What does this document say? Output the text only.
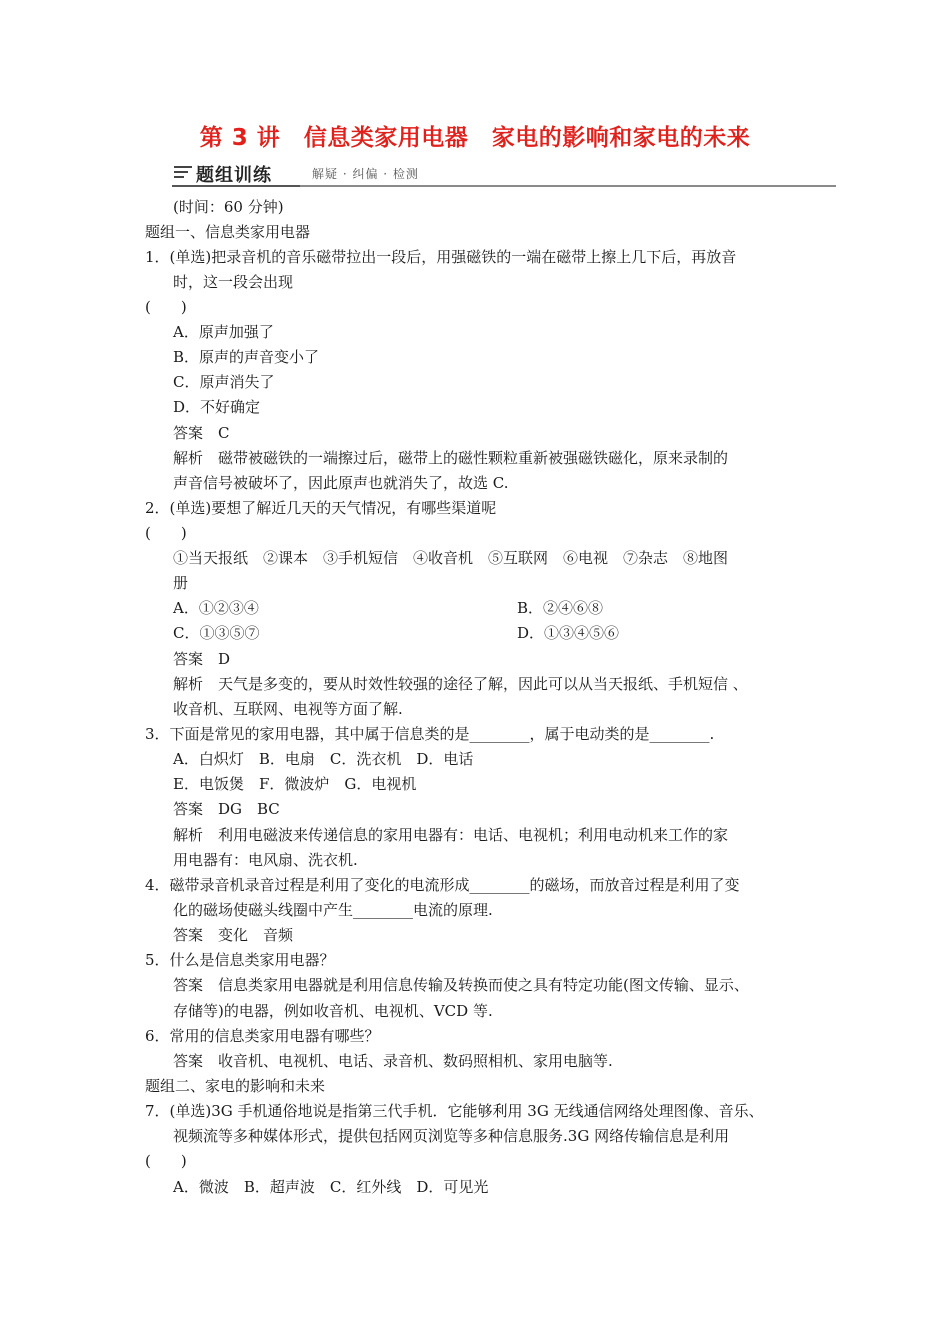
第 3 讲　信息类家用电器　家电的影响和家电的未来
题组训练	解疑 · 纠偏 · 检测
(时间：60 分钟)
题组一、信息类家用电器
1．(单选)把录音机的音乐磁带拉出一段后，用强磁铁的一端在磁带上擦上几下后，再放音
时，这一段会出现
(　　)
A．原声加强了
B．原声的声音变小了
C．原声消失了
D．不好确定
答案　C
解析　磁带被磁铁的一端擦过后，磁带上的磁性颗粒重新被强磁铁磁化，原来录制的
声音信号被破坏了，因此原声也就消失了，故选 C.
2．(单选)要想了解近几天的天气情况，有哪些渠道呢
(　　)
①当天报纸　②课本　③手机短信　④收音机　⑤互联网　⑥电视　⑦杂志　⑧地图
册
A．①②③④	B．②④⑥⑧
C．①③⑤⑦	D．①③④⑤⑥
答案　D
解析　天气是多变的，要从时效性较强的途径了解，因此可以从当天报纸、手机短信 、
收音机、互联网、电视等方面了解.
3．下面是常见的家用电器，其中属于信息类的是________，属于电动类的是________.
A．白炽灯　B．电扇　C．洗衣机　D．电话
E．电饭煲　F．微波炉　G．电视机
答案　DG　BC
解析　利用电磁波来传递信息的家用电器有：电话、电视机；利用电动机来工作的家
用电器有：电风扇、洗衣机.
4．磁带录音机录音过程是利用了变化的电流形成________的磁场，而放音过程是利用了变
化的磁场使磁头线圈中产生________电流的原理.
答案　变化　音频
5．什么是信息类家用电器？
答案　信息类家用电器就是利用信息传输及转换而使之具有特定功能(图文传输、显示、
存储等)的电器，例如收音机、电视机、VCD 等.
6．常用的信息类家用电器有哪些？
答案　收音机、电视机、电话、录音机、数码照相机、家用电脑等.
题组二、家电的影响和未来
7．(单选)3G 手机通俗地说是指第三代手机．它能够利用 3G 无线通信网络处理图像、音乐、
视频流等多种媒体形式，提供包括网页浏览等多种信息服务.3G 网络传输信息是利用
(　　)
A．微波　B．超声波　C．红外线　D．可见光
